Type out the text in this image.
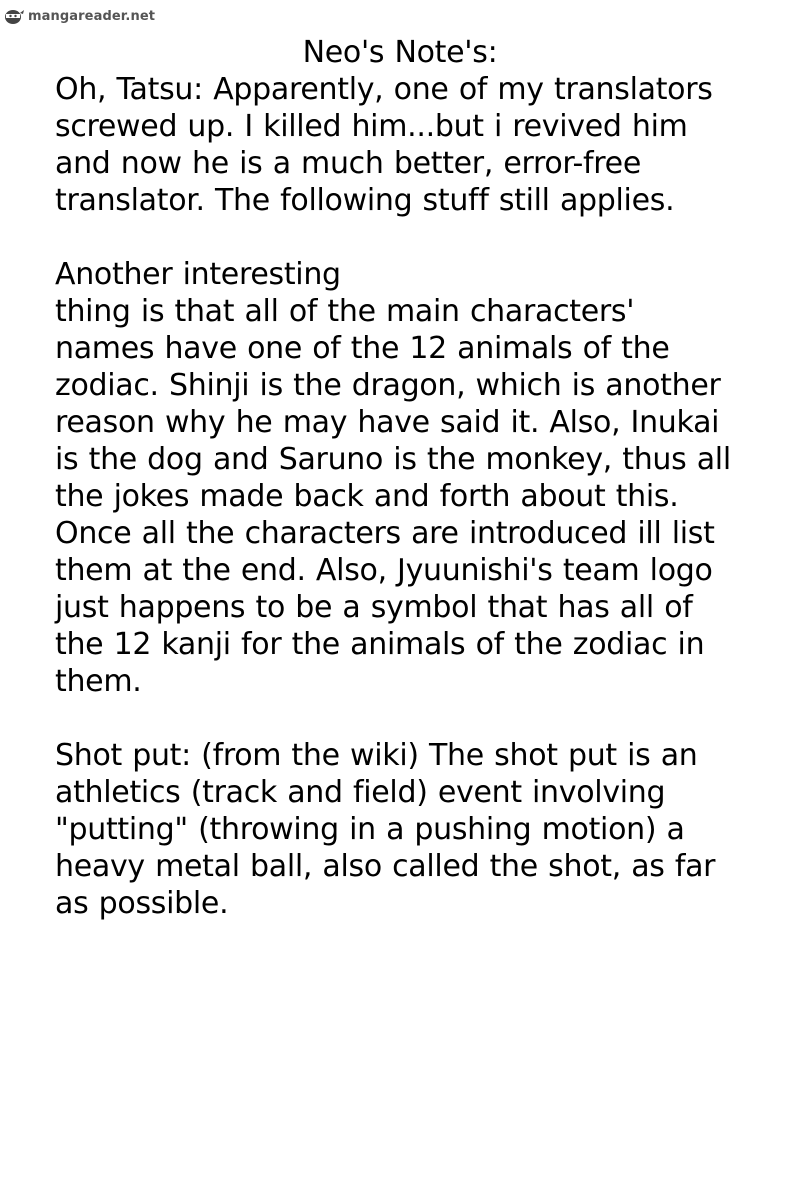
mangareader.net
Neo's Note's:
Oh, Tatsu: Apparently, one of my translators
screwed up. I killed him...but i revived him
and now he is a much better, error-free
translator. The following stuff still applies.
Another interesting
thing is that all of the main characters'
names have one of the 12 animals of the
zodiac. Shinji is the dragon, which is another
reason why he may have said it. Also, Inukai
is the dog and Saruno is the monkey, thus all
the jokes made back and forth about this.
Once all the characters are introduced ill list
them at the end. Also, Jyuunishi's team logo
just happens to be a symbol that has all of
the 12 kanji for the animals of the zodiac in
them.
Shot put: (from the wiki) The shot put is an
athletics (track and field) event involving
"putting" (throwing in a pushing motion) a
heavy metal ball, also called the shot, as far
as possible.
